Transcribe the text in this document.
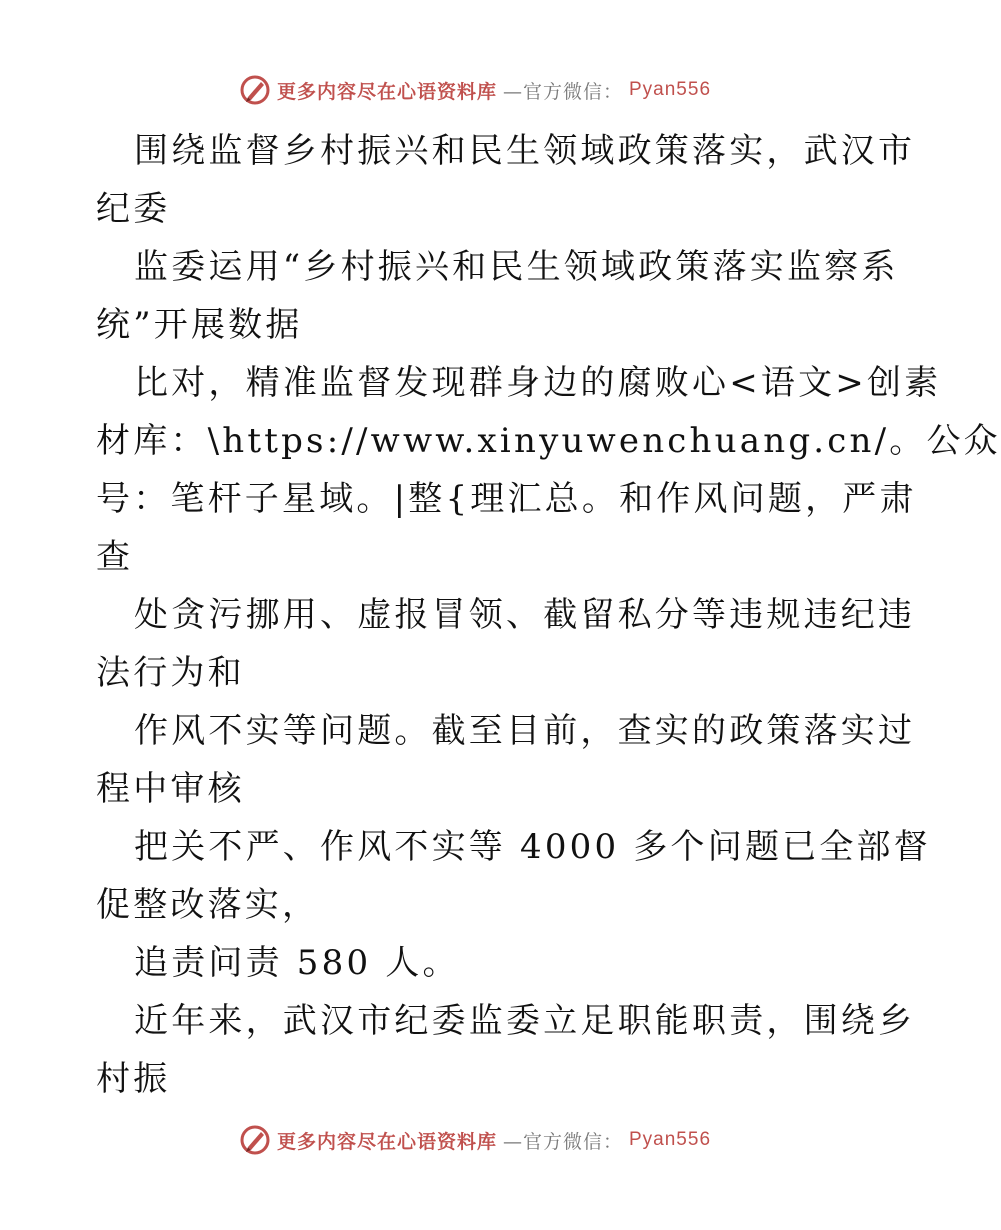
更多内容尽在心语资料库 —官方微信： Pyan556
围绕监督乡村振兴和民生领域政策落实，武汉市
纪委
监委运用“乡村振兴和民生领域政策落实监察系
统”开展数据
比对，精准监督发现群身边的腐败心<语文>创素
材库：\https://www.xinyuwenchuang.cn/。公众
号：笔杆子星域。|整{理汇总。和作风问题，严肃
查
处贪污挪用、虚报冒领、截留私分等违规违纪违
法行为和
作风不实等问题。截至目前，查实的政策落实过
程中审核
把关不严、作风不实等 4000 多个问题已全部督
促整改落实，
追责问责 580 人。
近年来，武汉市纪委监委立足职能职责，围绕乡
村振
更多内容尽在心语资料库 —官方微信： Pyan556
